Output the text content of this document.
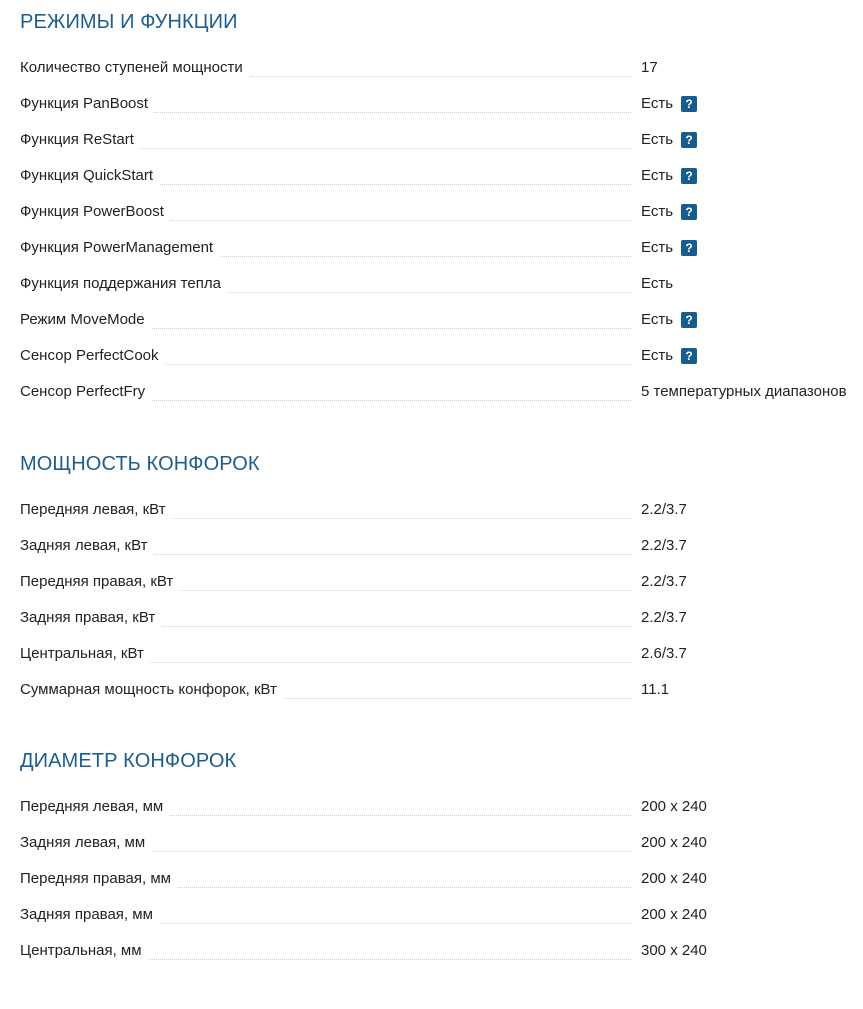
РЕЖИМЫ И ФУНКЦИИ
Количество ступеней мощности	17
Функция PanBoost	Есть	?
Функция ReStart	Есть	?
Функция QuickStart	Есть	?
Функция PowerBoost	Есть	?
Функция PowerManagement	Есть	?
Функция поддержания тепла	Есть
Режим MoveMode	Есть	?
Сенсор PerfectCook	Есть	?
Сенсор PerfectFry	5 температурных диапазонов
МОЩНОСТЬ КОНФОРОК
Передняя левая, кВт	2.2/3.7
Задняя левая, кВт	2.2/3.7
Передняя правая, кВт	2.2/3.7
Задняя правая, кВт	2.2/3.7
Центральная, кВт	2.6/3.7
Суммарная мощность конфорок, кВт	11.1
ДИАМЕТР КОНФОРОК
Передняя левая, мм	200 x 240
Задняя левая, мм	200 x 240
Передняя правая, мм	200 x 240
Задняя правая, мм	200 x 240
Центральная, мм	300 x 240
